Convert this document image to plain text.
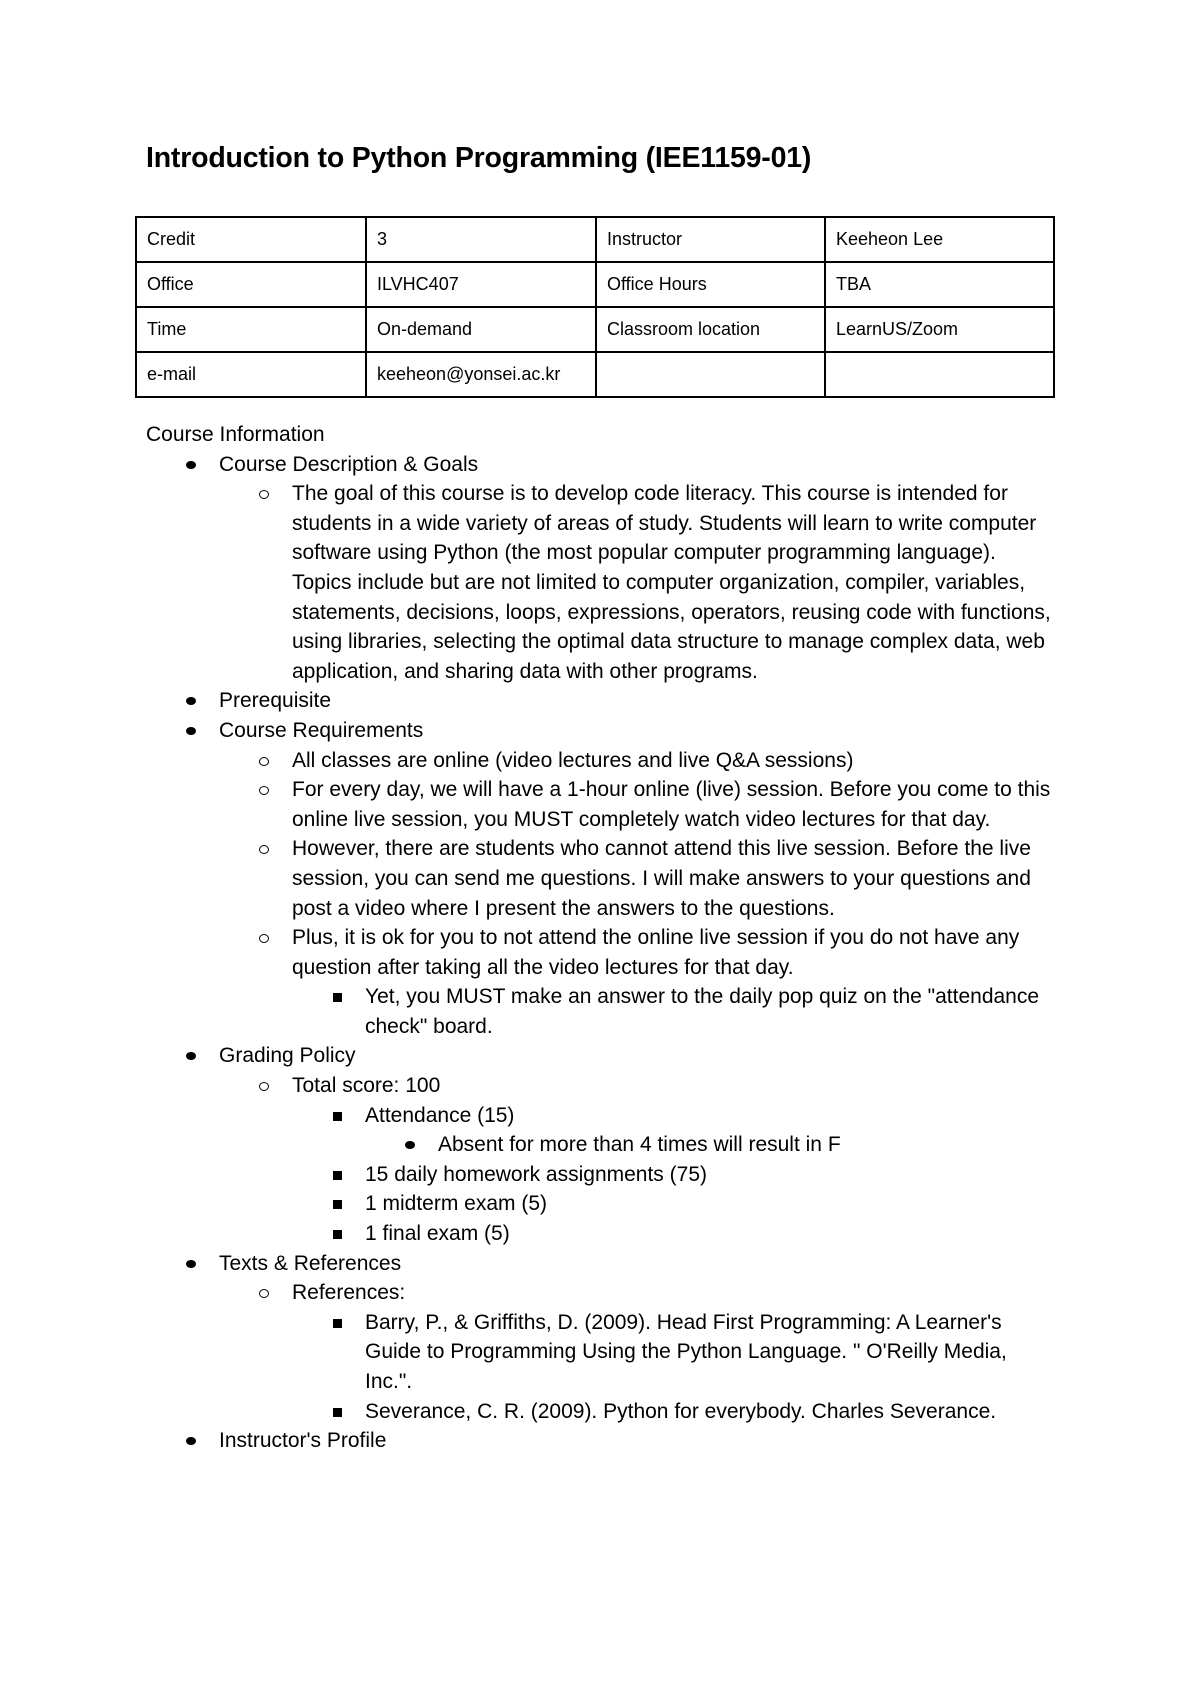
Introduction to Python Programming (IEE1159-01)
Credit	3	Instructor	Keeheon Lee
Office	ILVHC407	Office Hours	TBA
Time	On-demand	Classroom location	LearnUS/Zoom
e-mail	keeheon@yonsei.ac.kr		

Course Information

Course Description & Goals
The goal of this course is to develop code literacy. This course is intended for students in a wide variety of areas of study. Students will learn to write computer software using Python (the most popular computer programming language). Topics include but are not limited to computer organization, compiler, variables, statements, decisions, loops, expressions, operators, reusing code with functions, using libraries, selecting the optimal data structure to manage complex data, web application, and sharing data with other programs.
Prerequisite
Course Requirements
All classes are online (video lectures and live Q&A sessions)
For every day, we will have a 1-hour online (live) session. Before you come to this online live session, you MUST completely watch video lectures for that day.
However, there are students who cannot attend this live session. Before the live session, you can send me questions. I will make answers to your questions and post a video where I present the answers to the questions.
Plus, it is ok for you to not attend the online live session if you do not have any question after taking all the video lectures for that day.
Yet, you MUST make an answer to the daily pop quiz on the "attendance check" board.
Grading Policy
Total score: 100
Attendance (15)
Absent for more than 4 times will result in F
15 daily homework assignments (75)
1 midterm exam (5)
1 final exam (5)
Texts & References
References:
Barry, P., & Griffiths, D. (2009). Head First Programming: A Learner's Guide to Programming Using the Python Language. " O'Reilly Media, Inc.".
Severance, C. R. (2009). Python for everybody. Charles Severance.
Instructor's Profile
